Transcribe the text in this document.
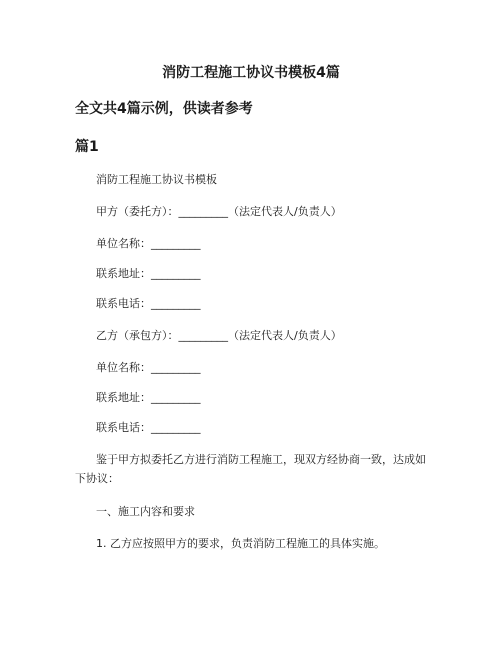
消防工程施工协议书模板4篇
全文共4篇示例，供读者参考
篇1
消防工程施工协议书模板
甲方（委托方）：_________（法定代表人/负责人）
单位名称：_________
联系地址：_________
联系电话：_________
乙方（承包方）：_________（法定代表人/负责人）
单位名称：_________
联系地址：_________
联系电话：_________
鉴于甲方拟委托乙方进行消防工程施工，现双方经协商一致，达成如下协议：
一、施工内容和要求
1. 乙方应按照甲方的要求，负责消防工程施工的具体实施。
